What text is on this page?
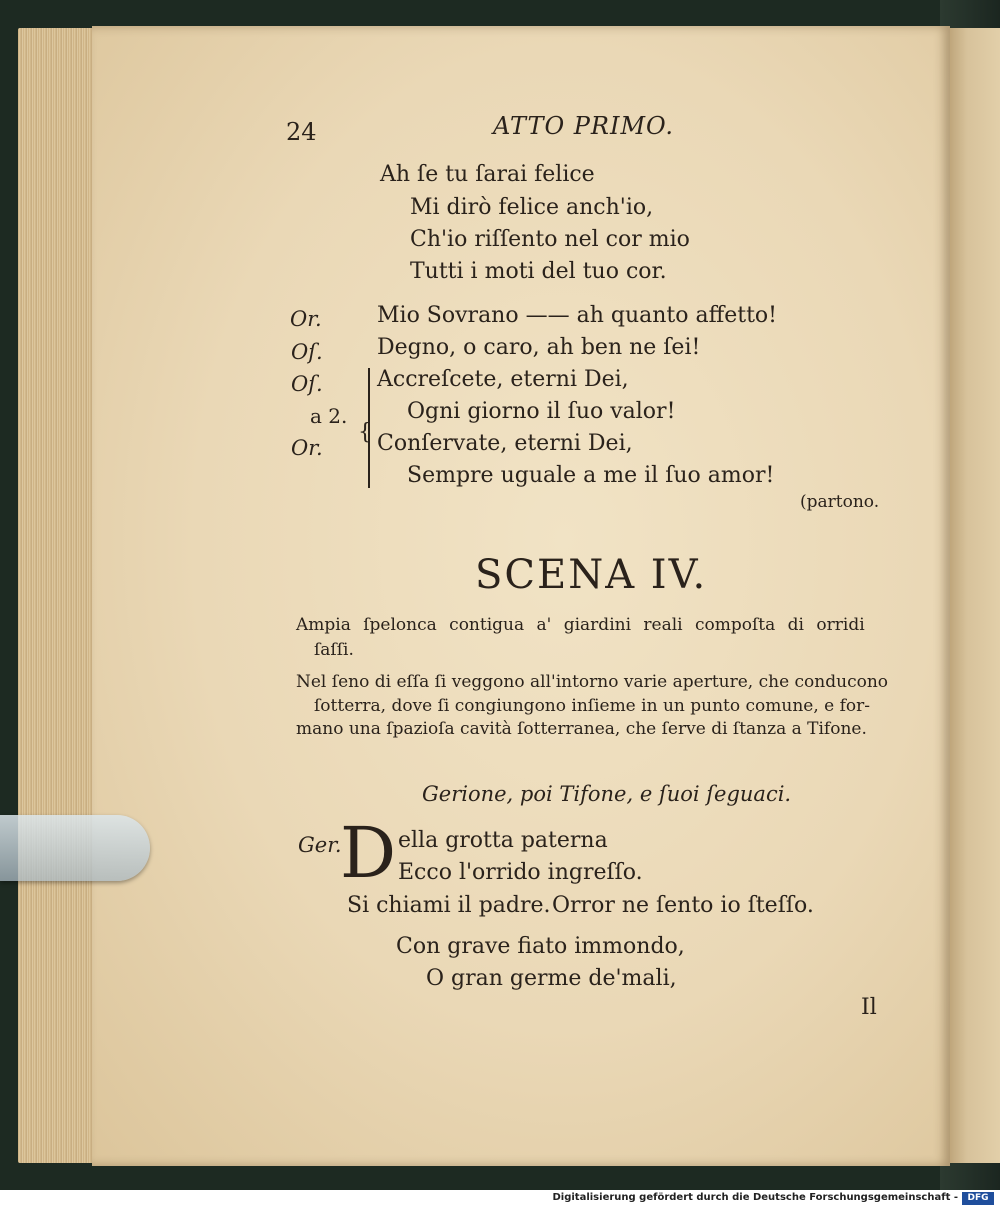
24	ATTO PRIMO.
Ah ſe tu ſarai felice
Mi dirò felice anch'io,
Ch'io riſſento nel cor mio
Tutti i moti del tuo cor.
Or.	Mio Sovrano —— ah quanto affetto!
Oſ. Degno, o caro, ah ben ne ſei!
Oſ. Accreſcete, eterni Dei,
a 2.	Ogni giorno il ſuo valor!
Or. Conſervate, eterni Dei,
Sempre uguale a me il ſuo amor!
{
(partono.
SCENA IV.
Ampia ſpelonca contigua a' giardini reali compoſta di orridi
ſaſſi.
Nel ſeno di eſſa ſi veggono all'intorno varie aperture, che conducono
ſotterra, dove ſi congiungono inſieme in un punto comune, e for-
mano una ſpazioſa cavità ſotterranea, che ſerve di ſtanza a Tifone.
Gerione, poi Tifone, e ſuoi ſeguaci.
Ger.
D ella grotta paterna
Ecco l'orrido ingreſſo.
Si chiami il padre. Orror ne ſento io ſteſſo.
Con grave fiato immondo,
O gran germe de'mali,
Il
Digitalisierung gefördert durch die Deutsche Forschungsgemeinschaft -	DFG
